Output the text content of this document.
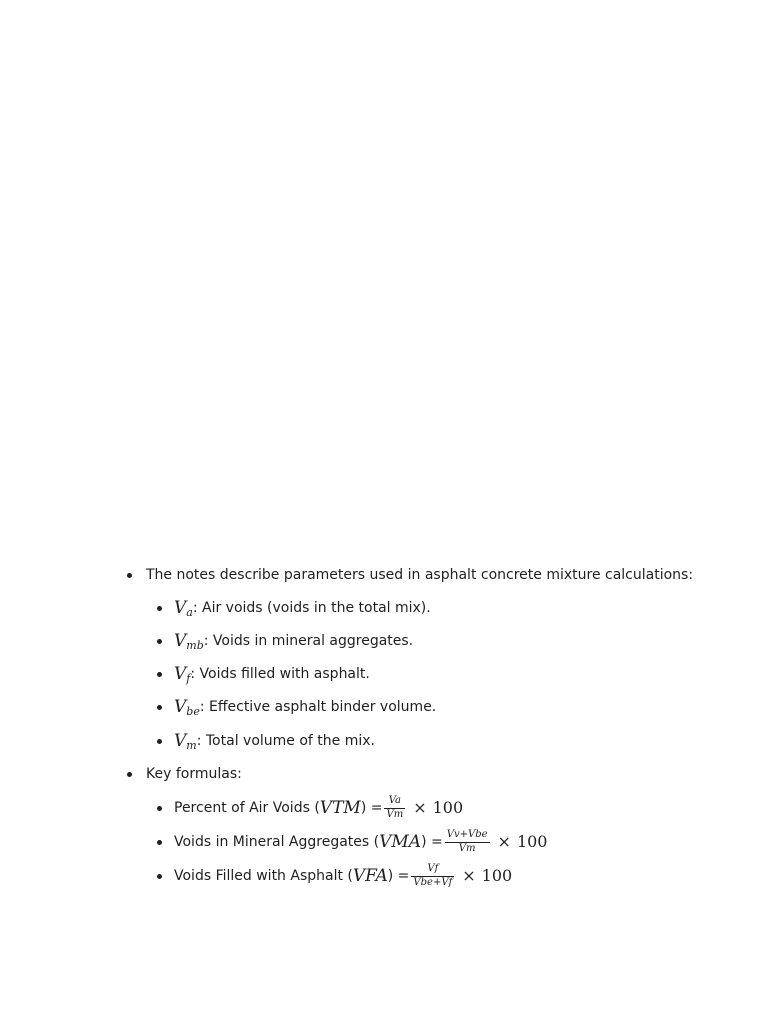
The notes describe parameters used in asphalt concrete mixture calculations:
V a : Air voids (voids in the total mix).
V mb : Voids in mineral aggregates.
V f : Voids filled with asphalt.
V be : Effective asphalt binder volume.
V m : Total volume of the mix.
Key formulas:
Percent of Air Voids ( VTM ) = $\frac{Va}{Vm} \times 100$
Voids in Mineral Aggregates ( VMA ) = $\frac{\text{Vv+Vbe}}{Vm} \times 100$
Voids Filled with Asphalt ( VFA ) = $\frac{Vf}{\text{Vbe+Vf}} \times 100$
